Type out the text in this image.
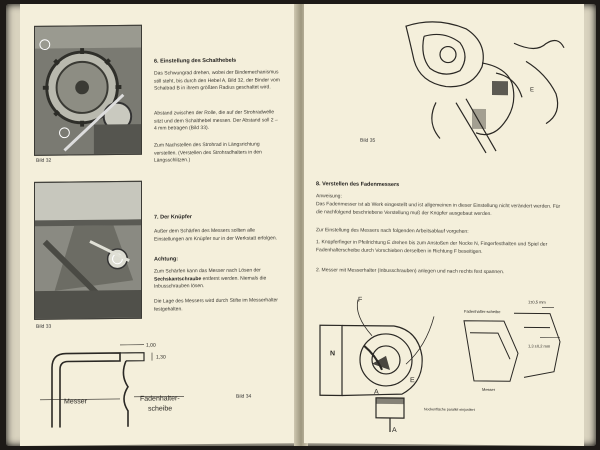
Bild 32
Bild 33
6. Einstellung des Schalthebels
Das Schwungrad drehen, wobei der Bindemechanismus still steht, bis durch den Hebel A, Bild 32, der Binder vom Schaltrad B in ihrem größten Radius geschaltet wird.
Abstand zwischen der Rolle, die auf der Strohradwelle sitzt und dem Schalthebel messen. Der Abstand soll 2 – 4 mm betragen (Bild 33).
Zum Nachstellen des Strohrad in Längsrichtung verstellen. (Verstellen des Strohradhalters in den Längsschlitzen.)
7. Der Knüpfer
Außer dem Schärfen des Messers sollten alle Einstellungen am Knüpfer nur in der Werkstatt erfolgen.
Achtung:
Zum Schärfen kann das Messer nach Lösen der Sechskantschraube entfernt werden. Niemals die Inbusschrauben lösen.
Die Lage des Messers wird durch Stifte im Messerhalter festgehalten.
1,00
1,30
Messer	Fadenhalter-
scheibe
Bild 34
E
Bild 35
8. Verstellen des Fadenmessers
Anweisung:
Das Fadenmesser ist ab Werk eingestellt und ist allgemeinen in dieser Einstellung nicht verändert werden. Für die nachfolgend beschriebene Verstellung muß der Knüpfer ausgebaut werden.
Zur Einstellung des Messers nach folgenden Arbeitsablauf vorgehen:
1. Knüpferfinger in Pfeilrichtung E drehen bis zum Anstoßen der Nocke N, Fingerfesthalten und Spiel der Fadenhalterscheibe durch Vorschieben derselben in Richtung F beseitigen.
2. Messer mit Messerhalter (Inbusschrauben) anlegen und nach rechts fest spannen.
F
N
E
A
A
Fadenhalter-scheibe
Messer
Nockenfläche parallel einjustiert
1±0,5 mm
1,3 ±0,2 mm
